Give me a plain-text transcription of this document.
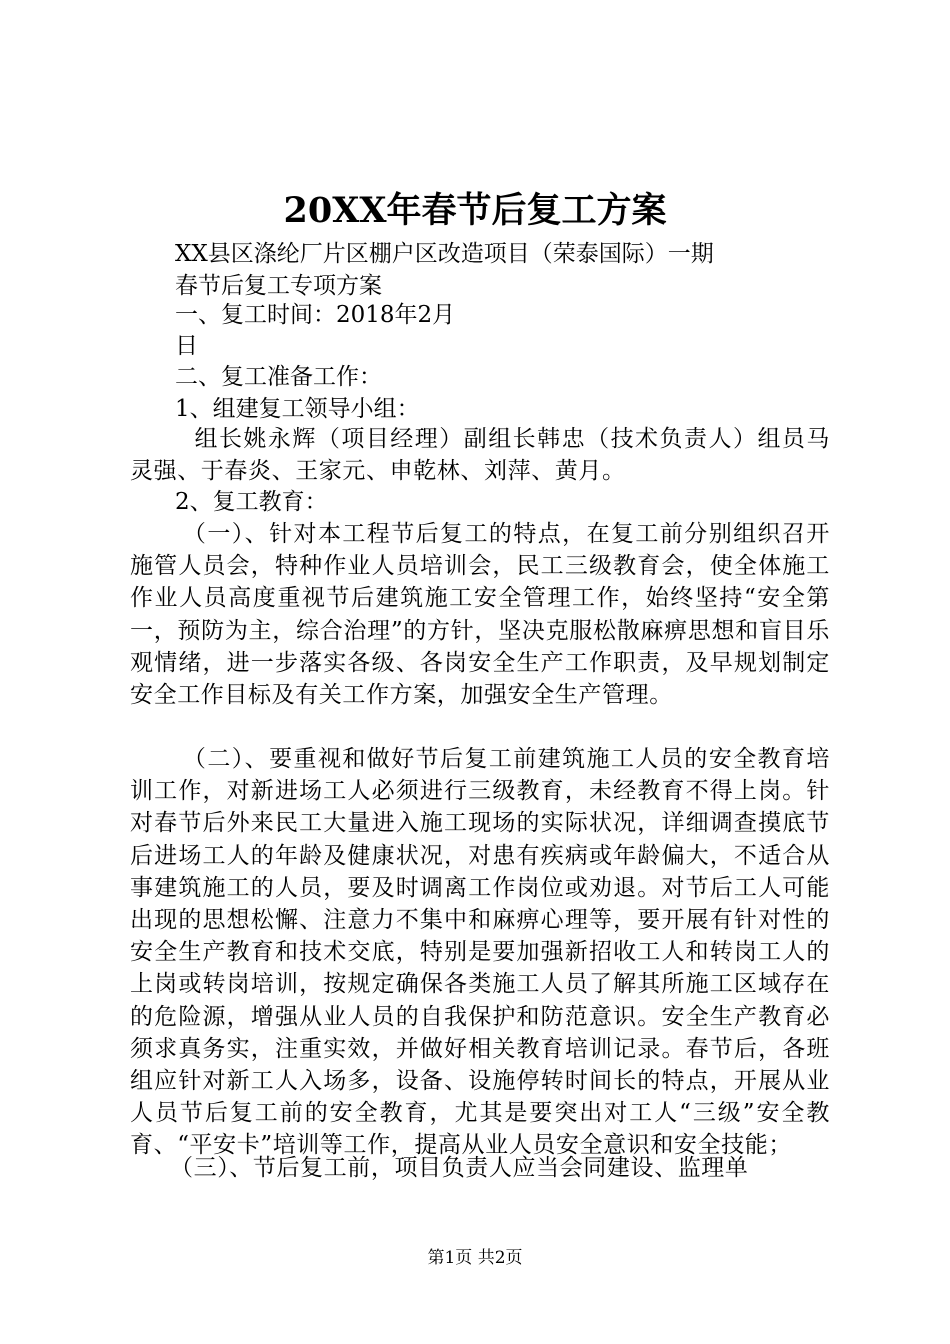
20XX年春节后复工方案
XX县区涤纶厂片区棚户区改造项目（荣泰国际）一期
春节后复工专项方案
一、复工时间：2018年2月
日
二、复工准备工作：
1、组建复工领导小组：

　组长姚永辉（项目经理）副组长韩忠（技术负责人）组员马灵强、于春炎、王家元、申乾林、刘萍、黄月。

2、复工教育：

　（一）、针对本工程节后复工的特点，在复工前分别组织召开施管人员会，特种作业人员培训会，民工三级教育会，使全体施工作业人员高度重视节后建筑施工安全管理工作，始终坚持“安全第一，预防为主，综合治理”的方针，坚决克服松散麻痹思想和盲目乐观情绪，进一步落实各级、各岗安全生产工作职责，及早规划制定安全工作目标及有关工作方案，加强安全生产管理。

　（二）、要重视和做好节后复工前建筑施工人员的安全教育培训工作，对新进场工人必须进行三级教育，未经教育不得上岗。针对春节后外来民工大量进入施工现场的实际状况，详细调查摸底节后进场工人的年龄及健康状况，对患有疾病或年龄偏大，不适合从事建筑施工的人员，要及时调离工作岗位或劝退。对节后工人可能出现的思想松懈、注意力不集中和麻痹心理等，要开展有针对性的安全生产教育和技术交底，特别是要加强新招收工人和转岗工人的上岗或转岗培训，按规定确保各类施工人员了解其所施工区域存在的危险源，增强从业人员的自我保护和防范意识。安全生产教育必须求真务实，注重实效，并做好相关教育培训记录。春节后，各班组应针对新工人入场多，设备、设施停转时间长的特点，开展从业人员节后复工前的安全教育，尤其是要突出对工人“三级”安全教育、“平安卡”培训等工作，提高从业人员安全意识和安全技能；

（三）、节后复工前，项目负责人应当会同建设、监理单

第1页 共2页
